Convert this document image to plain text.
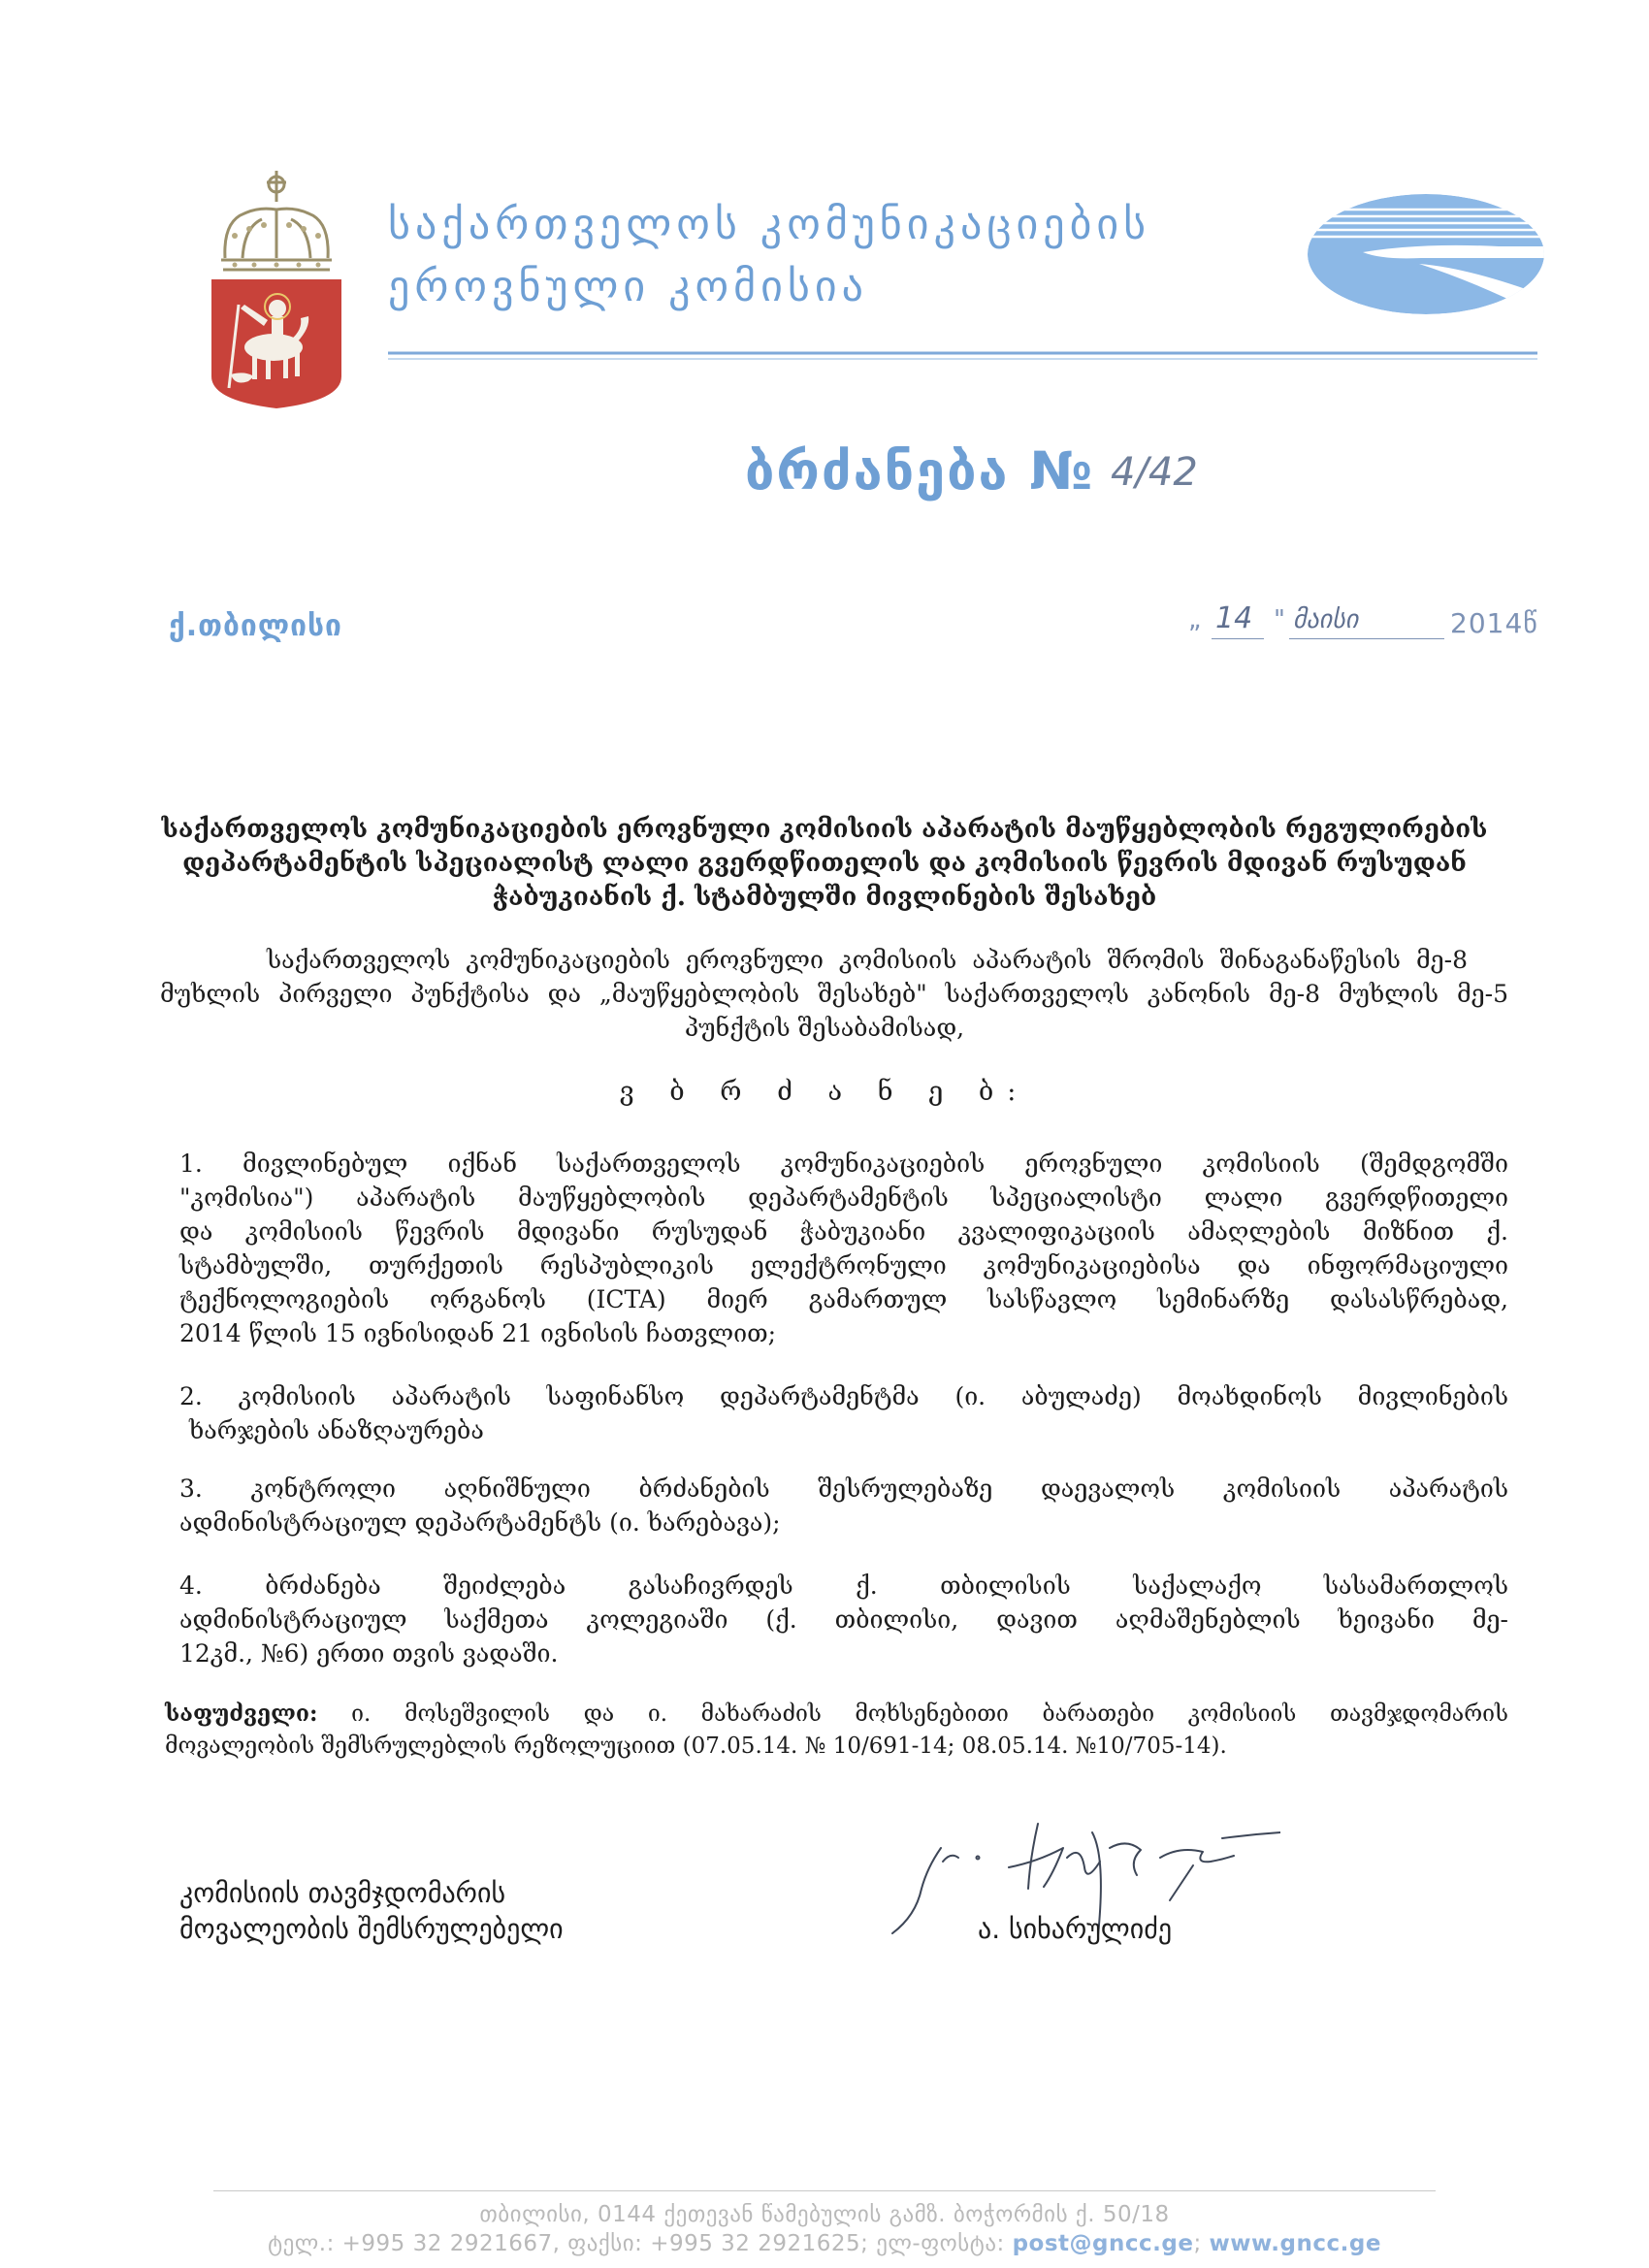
საქართველოს კომუნიკაციების
ეროვნული კომისია
ბრძანება № 4/42
ქ.თბილისი	„ 14 " მაისი	2014წ
საქართველოს კომუნიკაციების ეროვნული კომისიის აპარატის მაუწყებლობის რეგულირების
დეპარტამენტის სპეციალისტ ლალი გვერდწითელის და კომისიის წევრის მდივან რუსუდან
ჭაბუკიანის ქ. სტამბულში მივლინების შესახებ
საქართველოს კომუნიკაციების ეროვნული კომისიის აპარატის შრომის შინაგანაწესის მე-8
მუხლის პირველი პუნქტისა და „მაუწყებლობის შესახებ" საქართველოს კანონის მე-8 მუხლის მე-5
პუნქტის შესაბამისად,
ვ ბ რ ძ ა ნ ე ბ:
1. მივლინებულ იქნან საქართველოს კომუნიკაციების ეროვნული კომისიის (შემდგომში
"კომისია") აპარატის მაუწყებლობის დეპარტამენტის სპეციალისტი ლალი გვერდწითელი
და კომისიის წევრის მდივანი რუსუდან ჭაბუკიანი კვალიფიკაციის ამაღლების მიზნით ქ.
სტამბულში, თურქეთის რესპუბლიკის ელექტრონული კომუნიკაციებისა და ინფორმაციული
ტექნოლოგიების ორგანოს (ICTA) მიერ გამართულ სასწავლო სემინარზე დასასწრებად,
2014 წლის 15 ივნისიდან 21 ივნისის ჩათვლით;
2. კომისიის აპარატის საფინანსო დეპარტამენტმა (ი. აბულაძე) მოახდინოს მივლინების
ხარჯების ანაზღაურება
3. კონტროლი აღნიშნული ბრძანების შესრულებაზე დაევალოს კომისიის აპარატის
ადმინისტრაციულ დეპარტამენტს (ი. ხარებავა);
4. ბრძანება შეიძლება გასაჩივრდეს ქ. თბილისის საქალაქო სასამართლოს
ადმინისტრაციულ საქმეთა კოლეგიაში (ქ. თბილისი, დავით აღმაშენებლის ხეივანი მე-
12კმ., №6) ერთი თვის ვადაში.
საფუძველი: ი. მოსეშვილის და ი. მახარაძის მოხსენებითი ბარათები კომისიის თავმჯდომარის
მოვალეობის შემსრულებლის რეზოლუციით (07.05.14. № 10/691-14; 08.05.14. №10/705-14).
კომისიის თავმჯდომარის
მოვალეობის შემსრულებელი	ა. სიხარულიძე
თბილისი, 0144 ქეთევან წამებულის გამზ. ბოჭორმის ქ. 50/18
ტელ.: +995 32 2921667, ფაქსი: +995 32 2921625; ელ-ფოსტა: post@gncc.ge; www.gncc.ge
